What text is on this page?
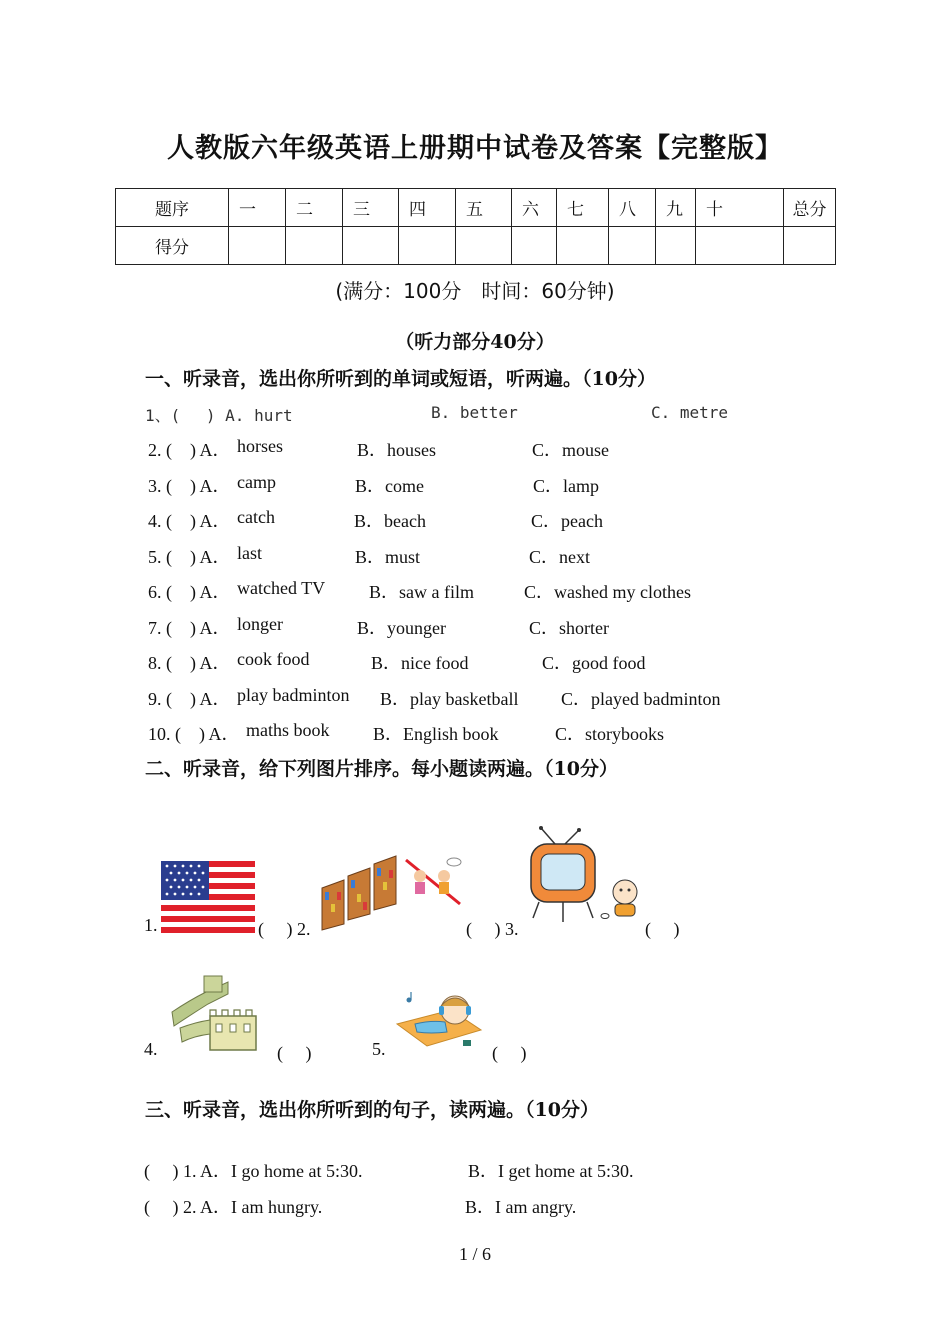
人教版六年级英语上册期中试卷及答案【完整版】
题序	一	二	三	四	五	六	七	八	九	十	总分
得分											
(满分：100分　时间：60分钟)
（听力部分40分）
一、听录音，选出你所听到的单词或短语，听两遍。（10分）
1、(　 ) A. hurt	B. better	C. metre
2. (　) A． horses	B．houses	C．mouse
3. (　) A． camp	B．come	C．lamp
4. (　) A． catch	B．beach	C．peach
5. (　) A． last	B．must	C．next
6. (　) A． watched TV B．saw a film	C．washed my clothes
7. (　) A． longer	B．younger	C．shorter
8. (　) A． cook food	B．nice food	C．good food
9. (　) A． play badminton B．play basketball C．played badminton
10. (　) A． maths book B．English book	C．storybooks
二、听录音，给下列图片排序。每小题读两遍。（10分）
1.	(　 ) 2.	(　 ) 3.	(　 )
4.	(　 )	5.	(　 )
三、听录音，选出你所听到的句子，读两遍。（10分）
(　 ) 1. A．I go home at 5:30.	B．I get home at 5:30.
(　 ) 2. A．I am hungry.	B．I am angry.
1 / 6
